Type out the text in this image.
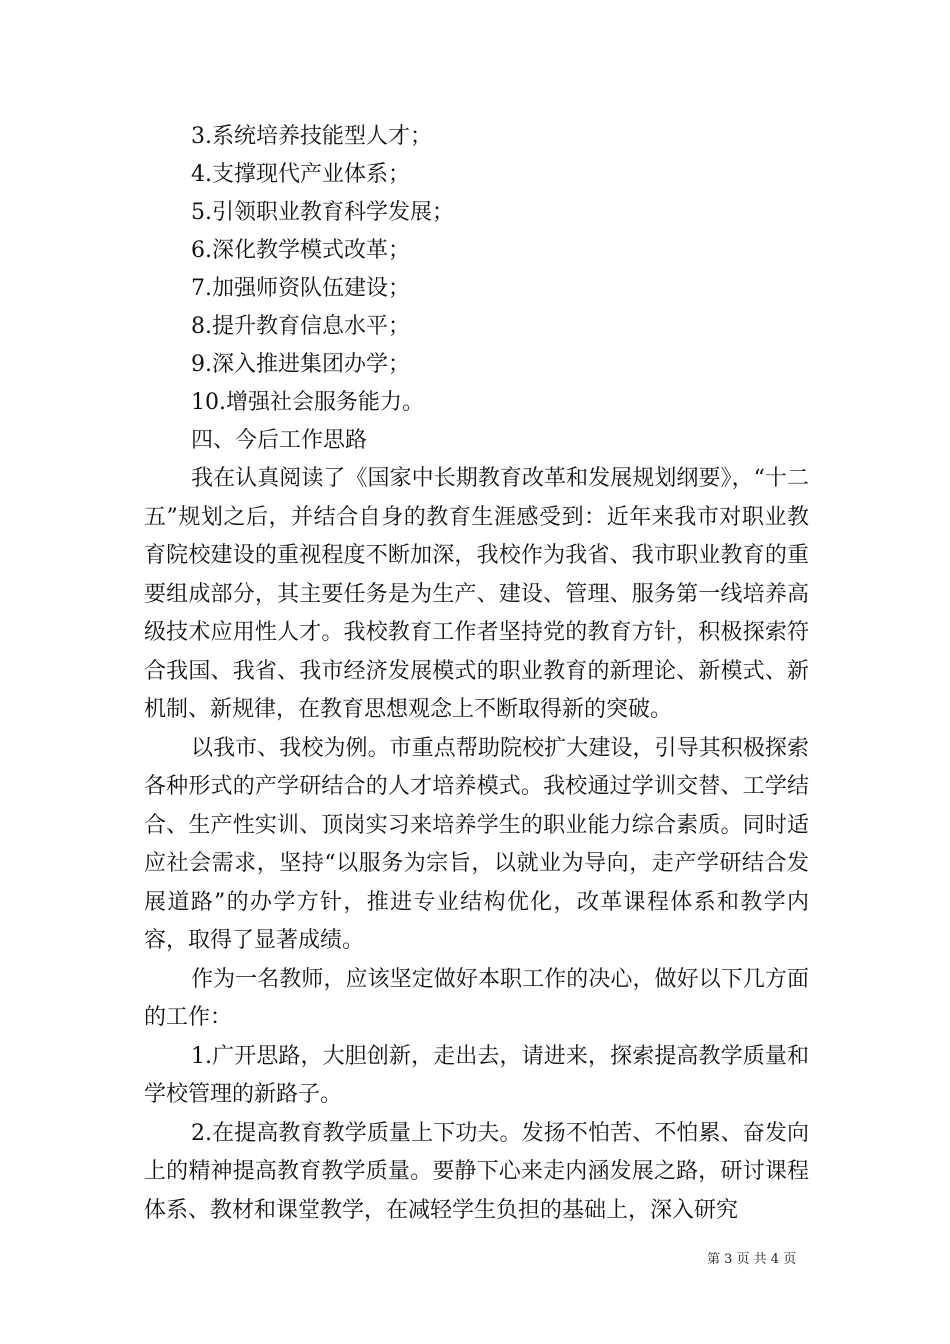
3.系统培养技能型人才；
4.支撑现代产业体系；
5.引领职业教育科学发展；
6.深化教学模式改革；
7.加强师资队伍建设；
8.提升教育信息水平；
9.深入推进集团办学；
10.增强社会服务能力。
四、今后工作思路

我在认真阅读了《国家中长期教育改革和发展规划纲要》，“十二五”规划之后，并结合自身的教育生涯感受到：近年来我市对职业教育院校建设的重视程度不断加深，我校作为我省、我市职业教育的重要组成部分，其主要任务是为生产、建设、管理、服务第一线培养高级技术应用性人才。我校教育工作者坚持党的教育方针，积极探索符合我国、我省、我市经济发展模式的职业教育的新理论、新模式、新机制、新规律，在教育思想观念上不断取得新的突破。

以我市、我校为例。市重点帮助院校扩大建设，引导其积极探索各种形式的产学研结合的人才培养模式。我校通过学训交替、工学结合、生产性实训、顶岗实习来培养学生的职业能力综合素质。同时适应社会需求，坚持“以服务为宗旨，以就业为导向，走产学研结合发展道路”的办学方针，推进专业结构优化，改革课程体系和教学内容，取得了显著成绩。

作为一名教师，应该坚定做好本职工作的决心，做好以下几方面的工作：

1.广开思路，大胆创新，走出去，请进来，探索提高教学质量和学校管理的新路子。

2.在提高教育教学质量上下功夫。发扬不怕苦、不怕累、奋发向上的精神提高教育教学质量。要静下心来走内涵发展之路，研讨课程体系、教材和课堂教学，在减轻学生负担的基础上，深入研究

第 3 页 共 4 页
